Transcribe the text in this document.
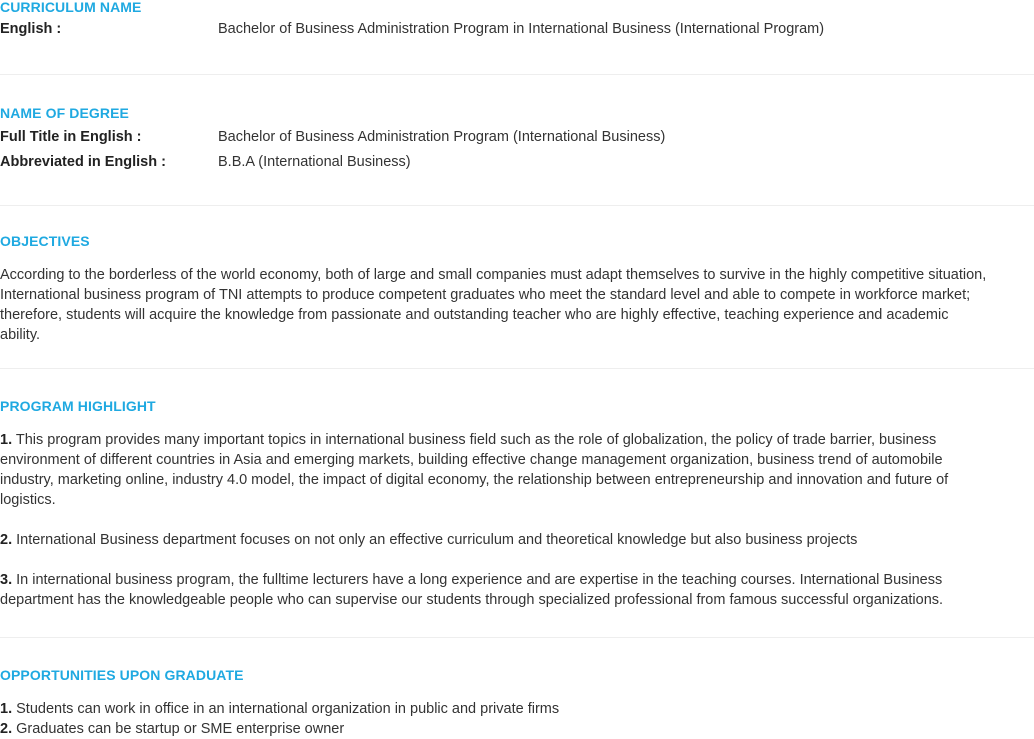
CURRICULUM NAME
English :	Bachelor of Business Administration Program in International Business (International Program)
NAME OF DEGREE
Full Title in English :	Bachelor of Business Administration Program (International Business)
Abbreviated in English :	B.B.A (International Business)
OBJECTIVES

According to the borderless of the world economy, both of large and small companies must adapt themselves to survive in the highly competitive situation, International business program of TNI attempts to produce competent graduates who meet the standard level and able to compete in workforce market; therefore, students will acquire the knowledge from passionate and outstanding teacher who are highly effective, teaching experience and academic ability.

PROGRAM HIGHLIGHT

1. This program provides many important topics in international business field such as the role of globalization, the policy of trade barrier, business environment of different countries in Asia and emerging markets, building effective change management organization, business trend of automobile industry, marketing online, industry 4.0 model, the impact of digital economy, the relationship between entrepreneurship and innovation and future of logistics.

2. International Business department focuses on not only an effective curriculum and theoretical knowledge but also business projects

3. In international business program, the fulltime lecturers have a long experience and are expertise in the teaching courses. International Business department has the knowledgeable people who can supervise our students through specialized professional from famous successful organizations.

OPPORTUNITIES UPON GRADUATE

1. Students can work in office in an international organization in public and private firms

2. Graduates can be startup or SME enterprise owner
